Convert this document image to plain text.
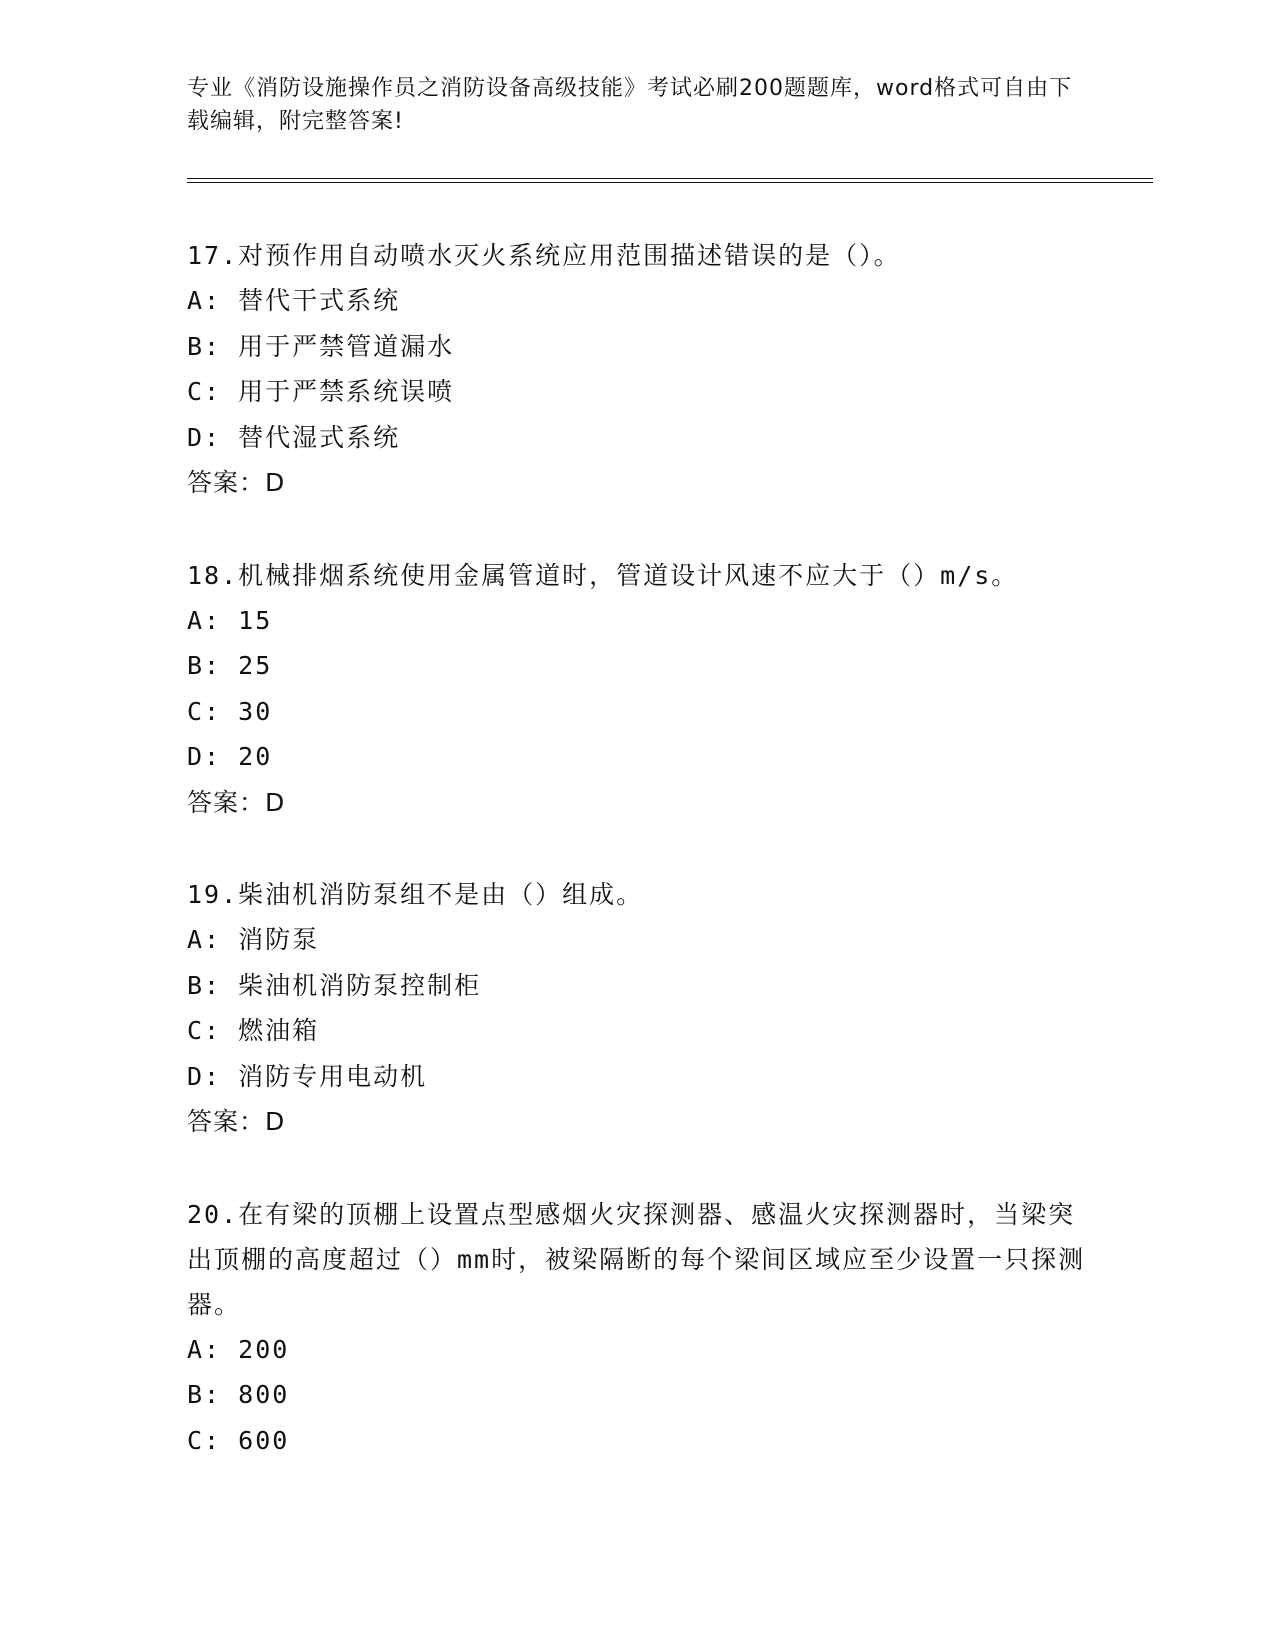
专业《消防设施操作员之消防设备高级技能》考试必刷200题题库，word格式可自由下载编辑，附完整答案!
17.对预作用自动喷水灭火系统应用范围描述错误的是（）。
A: 替代干式系统
B: 用于严禁管道漏水
C: 用于严禁系统误喷
D: 替代湿式系统
答案：D
18.机械排烟系统使用金属管道时，管道设计风速不应大于（）m/s。
A: 15
B: 25
C: 30
D: 20
答案：D
19.柴油机消防泵组不是由（）组成。
A: 消防泵
B: 柴油机消防泵控制柜
C: 燃油箱
D: 消防专用电动机
答案：D
20.在有梁的顶棚上设置点型感烟火灾探测器、感温火灾探测器时，当梁突出顶棚的高度超过（）mm时，被梁隔断的每个梁间区域应至少设置一只探测器。
A: 200
B: 800
C: 600
